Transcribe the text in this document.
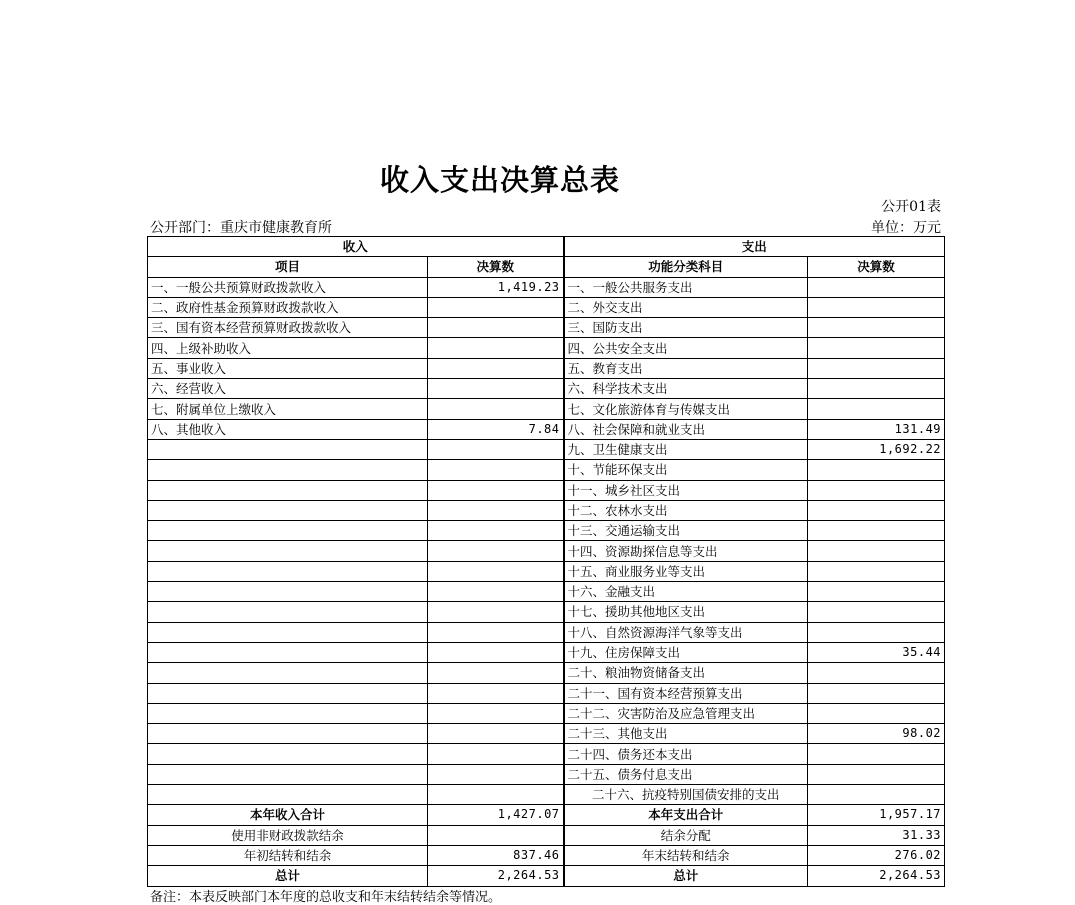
收入支出决算总表
公开01表
公开部门：重庆市健康教育所	单位：万元
收入		支出	
项目	决算数	功能分类科目	决算数
一、一般公共预算财政拨款收入	1,419.23	一、一般公共服务支出	
二、政府性基金预算财政拨款收入		二、外交支出	
三、国有资本经营预算财政拨款收入		三、国防支出	
四、上级补助收入		四、公共安全支出	
五、事业收入		五、教育支出	
六、经营收入		六、科学技术支出	
七、附属单位上缴收入		七、文化旅游体育与传媒支出	
八、其他收入	7.84	八、社会保障和就业支出	131.49
		九、卫生健康支出	1,692.22
		十、节能环保支出	
		十一、城乡社区支出	
		十二、农林水支出	
		十三、交通运输支出	
		十四、资源勘探信息等支出	
		十五、商业服务业等支出	
		十六、金融支出	
		十七、援助其他地区支出	
		十八、自然资源海洋气象等支出	
		十九、住房保障支出	35.44
		二十、粮油物资储备支出	
		二十一、国有资本经营预算支出	
		二十二、灾害防治及应急管理支出	
		二十三、其他支出	98.02
		二十四、债务还本支出	
		二十五、债务付息支出	
		二十六、抗疫特别国债安排的支出	
本年收入合计	1,427.07	本年支出合计	1,957.17
使用非财政拨款结余		结余分配	31.33
年初结转和结余	837.46	年末结转和结余	276.02
总计	2,264.53	总计	2,264.53
备注：本表反映部门本年度的总收支和年末结转结余等情况。
